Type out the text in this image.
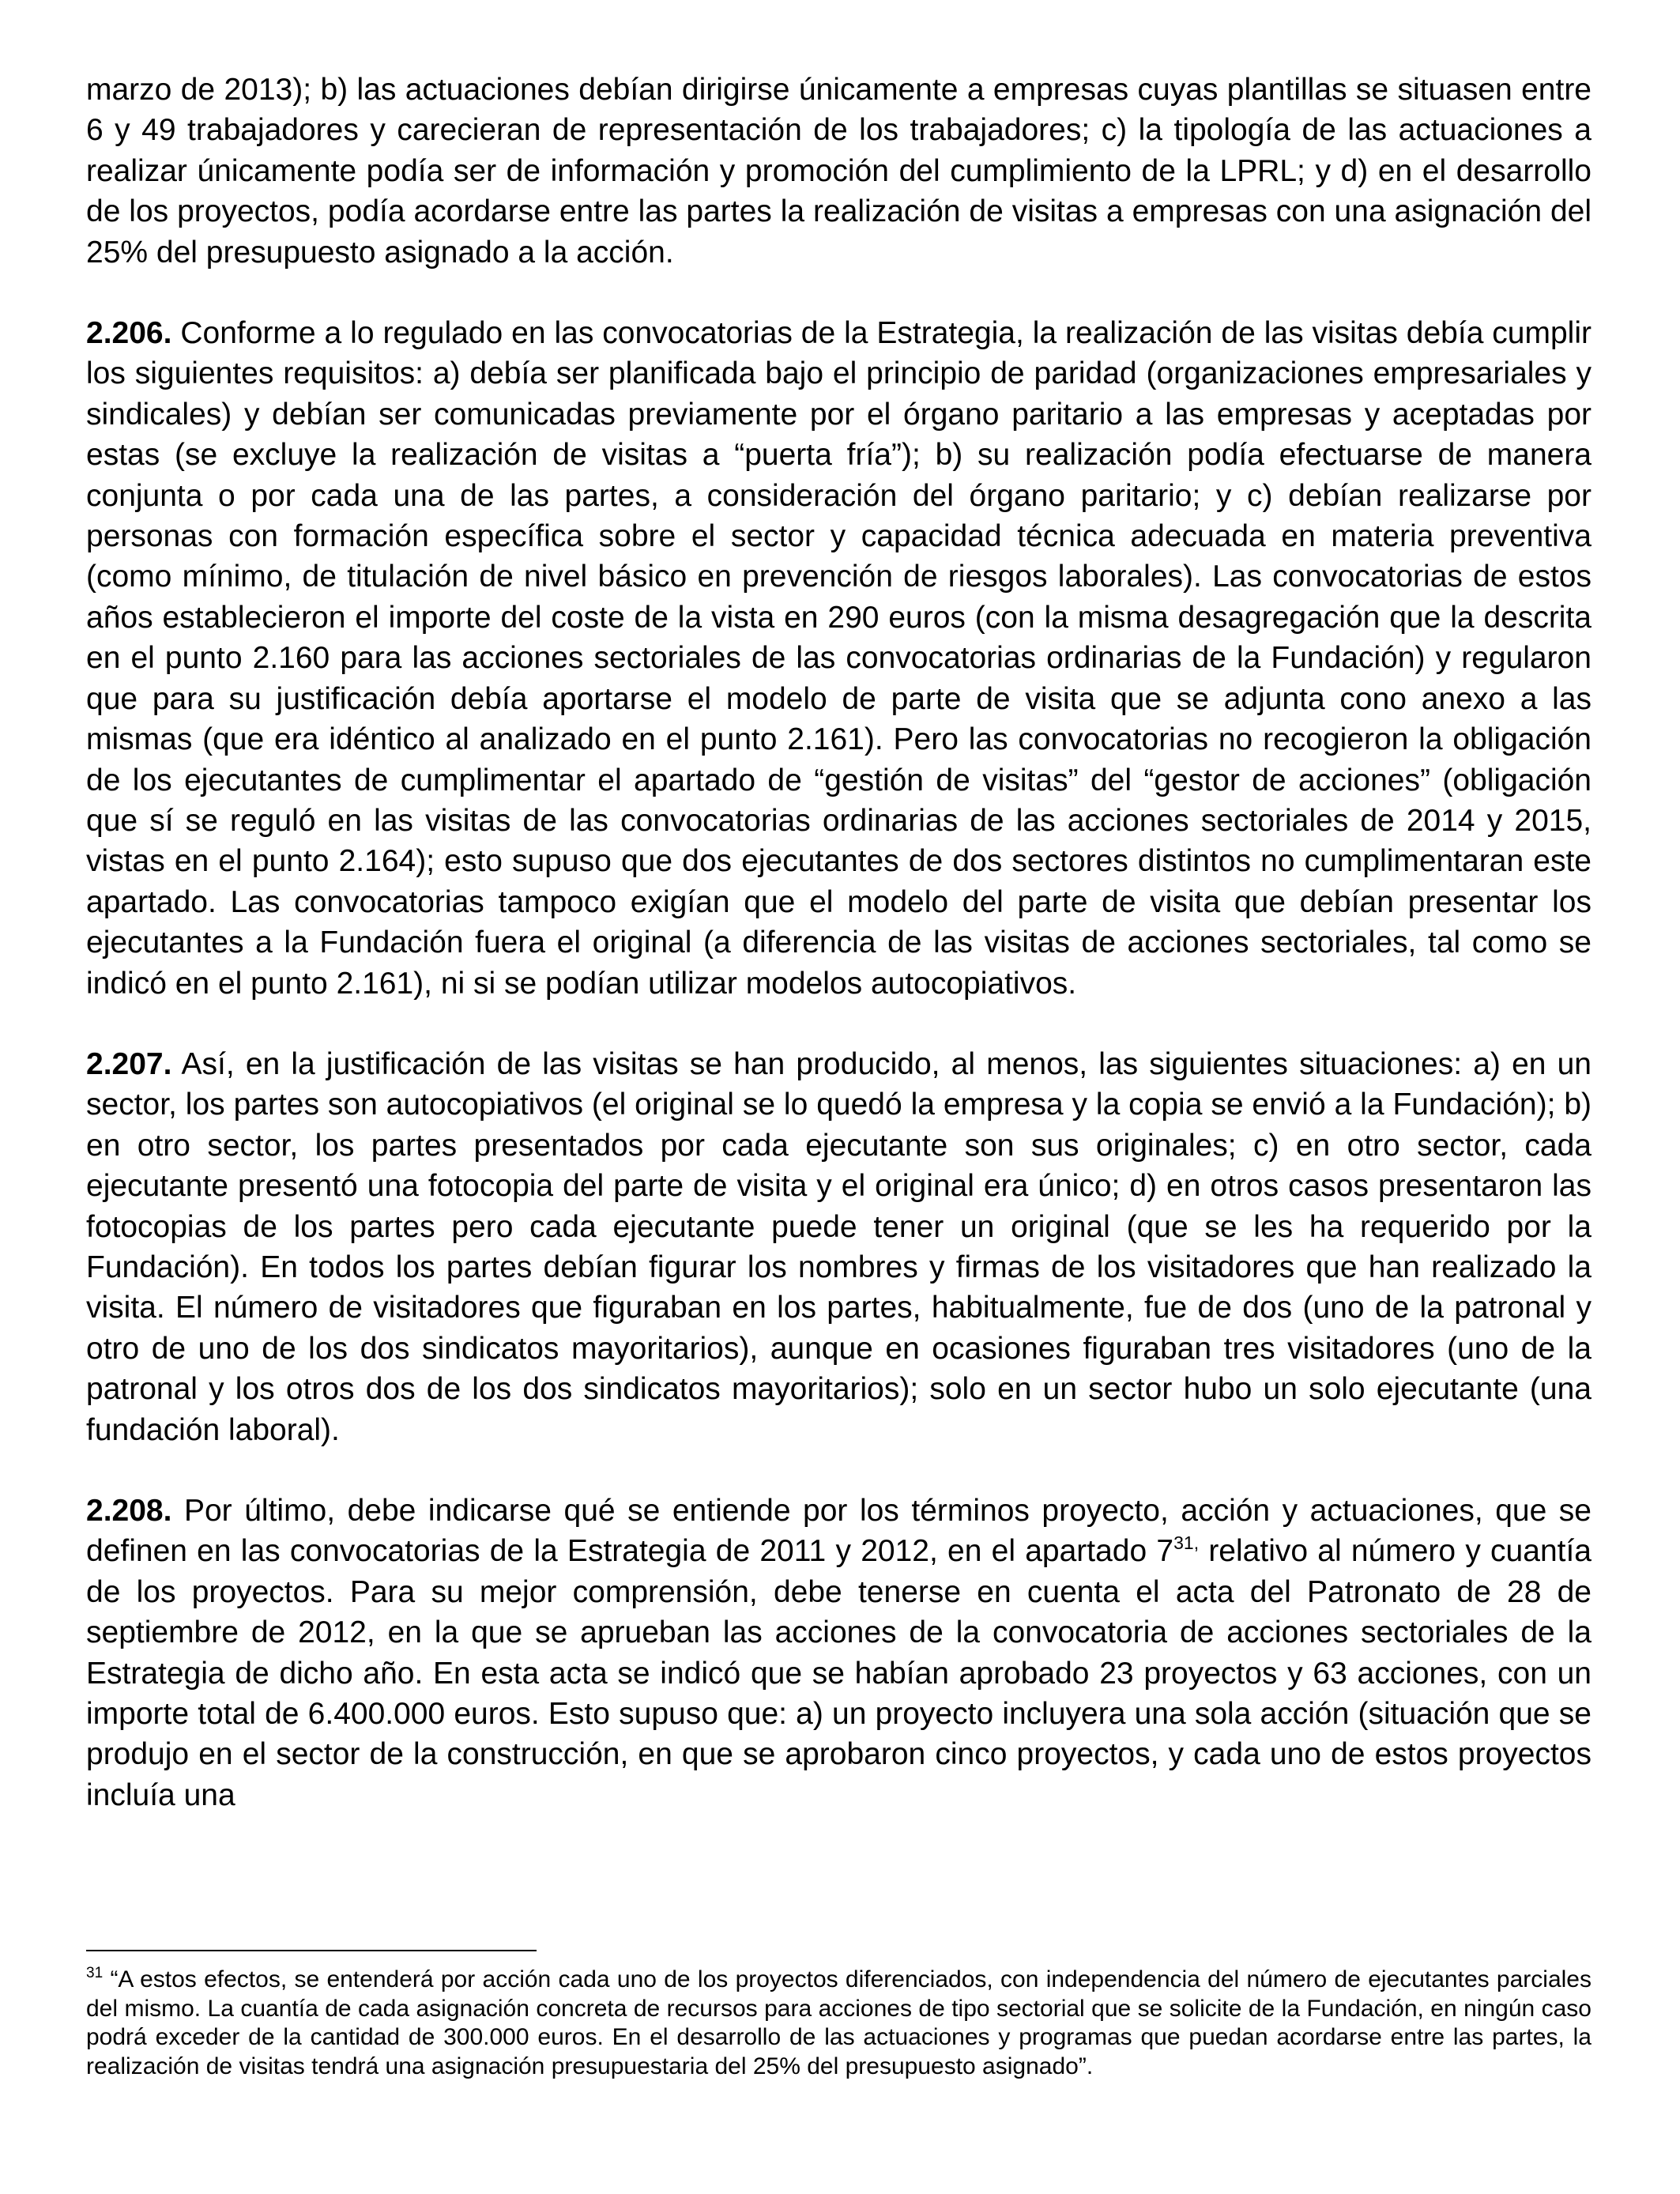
marzo de 2013); b) las actuaciones debían dirigirse únicamente a empresas cuyas plantillas se situasen entre 6 y 49 trabajadores y carecieran de representación de los trabajadores; c) la tipología de las actuaciones a realizar únicamente podía ser de información y promoción del cumplimiento de la LPRL; y d) en el desarrollo de los proyectos, podía acordarse entre las partes la realización de visitas a empresas con una asignación del 25% del presupuesto asignado a la acción.

2.206. Conforme a lo regulado en las convocatorias de la Estrategia, la realización de las visitas debía cumplir los siguientes requisitos: a) debía ser planificada bajo el principio de paridad (organizaciones empresariales y sindicales) y debían ser comunicadas previamente por el órgano paritario a las empresas y aceptadas por estas (se excluye la realización de visitas a “puerta fría”); b) su realización podía efectuarse de manera conjunta o por cada una de las partes, a consideración del órgano paritario; y c) debían realizarse por personas con formación específica sobre el sector y capacidad técnica adecuada en materia preventiva (como mínimo, de titulación de nivel básico en prevención de riesgos laborales). Las convocatorias de estos años establecieron el importe del coste de la vista en 290 euros (con la misma desagregación que la descrita en el punto 2.160 para las acciones sectoriales de las convocatorias ordinarias de la Fundación) y regularon que para su justificación debía aportarse el modelo de parte de visita que se adjunta cono anexo a las mismas (que era idéntico al analizado en el punto 2.161). Pero las convocatorias no recogieron la obligación de los ejecutantes de cumplimentar el apartado de “gestión de visitas” del “gestor de acciones” (obligación que sí se reguló en las visitas de las convocatorias ordinarias de las acciones sectoriales de 2014 y 2015, vistas en el punto 2.164); esto supuso que dos ejecutantes de dos sectores distintos no cumplimentaran este apartado. Las convocatorias tampoco exigían que el modelo del parte de visita que debían presentar los ejecutantes a la Fundación fuera el original (a diferencia de las visitas de acciones sectoriales, tal como se indicó en el punto 2.161), ni si se podían utilizar modelos autocopiativos.

2.207. Así, en la justificación de las visitas se han producido, al menos, las siguientes situaciones: a) en un sector, los partes son autocopiativos (el original se lo quedó la empresa y la copia se envió a la Fundación); b) en otro sector, los partes presentados por cada ejecutante son sus originales; c) en otro sector, cada ejecutante presentó una fotocopia del parte de visita y el original era único; d) en otros casos presentaron las fotocopias de los partes pero cada ejecutante puede tener un original (que se les ha requerido por la Fundación). En todos los partes debían figurar los nombres y firmas de los visitadores que han realizado la visita. El número de visitadores que figuraban en los partes, habitualmente, fue de dos (uno de la patronal y otro de uno de los dos sindicatos mayoritarios), aunque en ocasiones figuraban tres visitadores (uno de la patronal y los otros dos de los dos sindicatos mayoritarios); solo en un sector hubo un solo ejecutante (una fundación laboral).

2.208. Por último, debe indicarse qué se entiende por los términos proyecto, acción y actuaciones, que se definen en las convocatorias de la Estrategia de 2011 y 2012, en el apartado $7^{31,}$ relativo al número y cuantía de los proyectos. Para su mejor comprensión, debe tenerse en cuenta el acta del Patronato de 28 de septiembre de 2012, en la que se aprueban las acciones de la convocatoria de acciones sectoriales de la Estrategia de dicho año. En esta acta se indicó que se habían aprobado 23 proyectos y 63 acciones, con un importe total de 6.400.000 euros. Esto supuso que: a) un proyecto incluyera una sola acción (situación que se produjo en el sector de la construcción, en que se aprobaron cinco proyectos, y cada uno de estos proyectos incluía una

$^{31}$ “A estos efectos, se entenderá por acción cada uno de los proyectos diferenciados, con independencia del número de ejecutantes parciales del mismo. La cuantía de cada asignación concreta de recursos para acciones de tipo sectorial que se solicite de la Fundación, en ningún caso podrá exceder de la cantidad de 300.000 euros. En el desarrollo de las actuaciones y programas que puedan acordarse entre las partes, la realización de visitas tendrá una asignación presupuestaria del 25% del presupuesto asignado”.
